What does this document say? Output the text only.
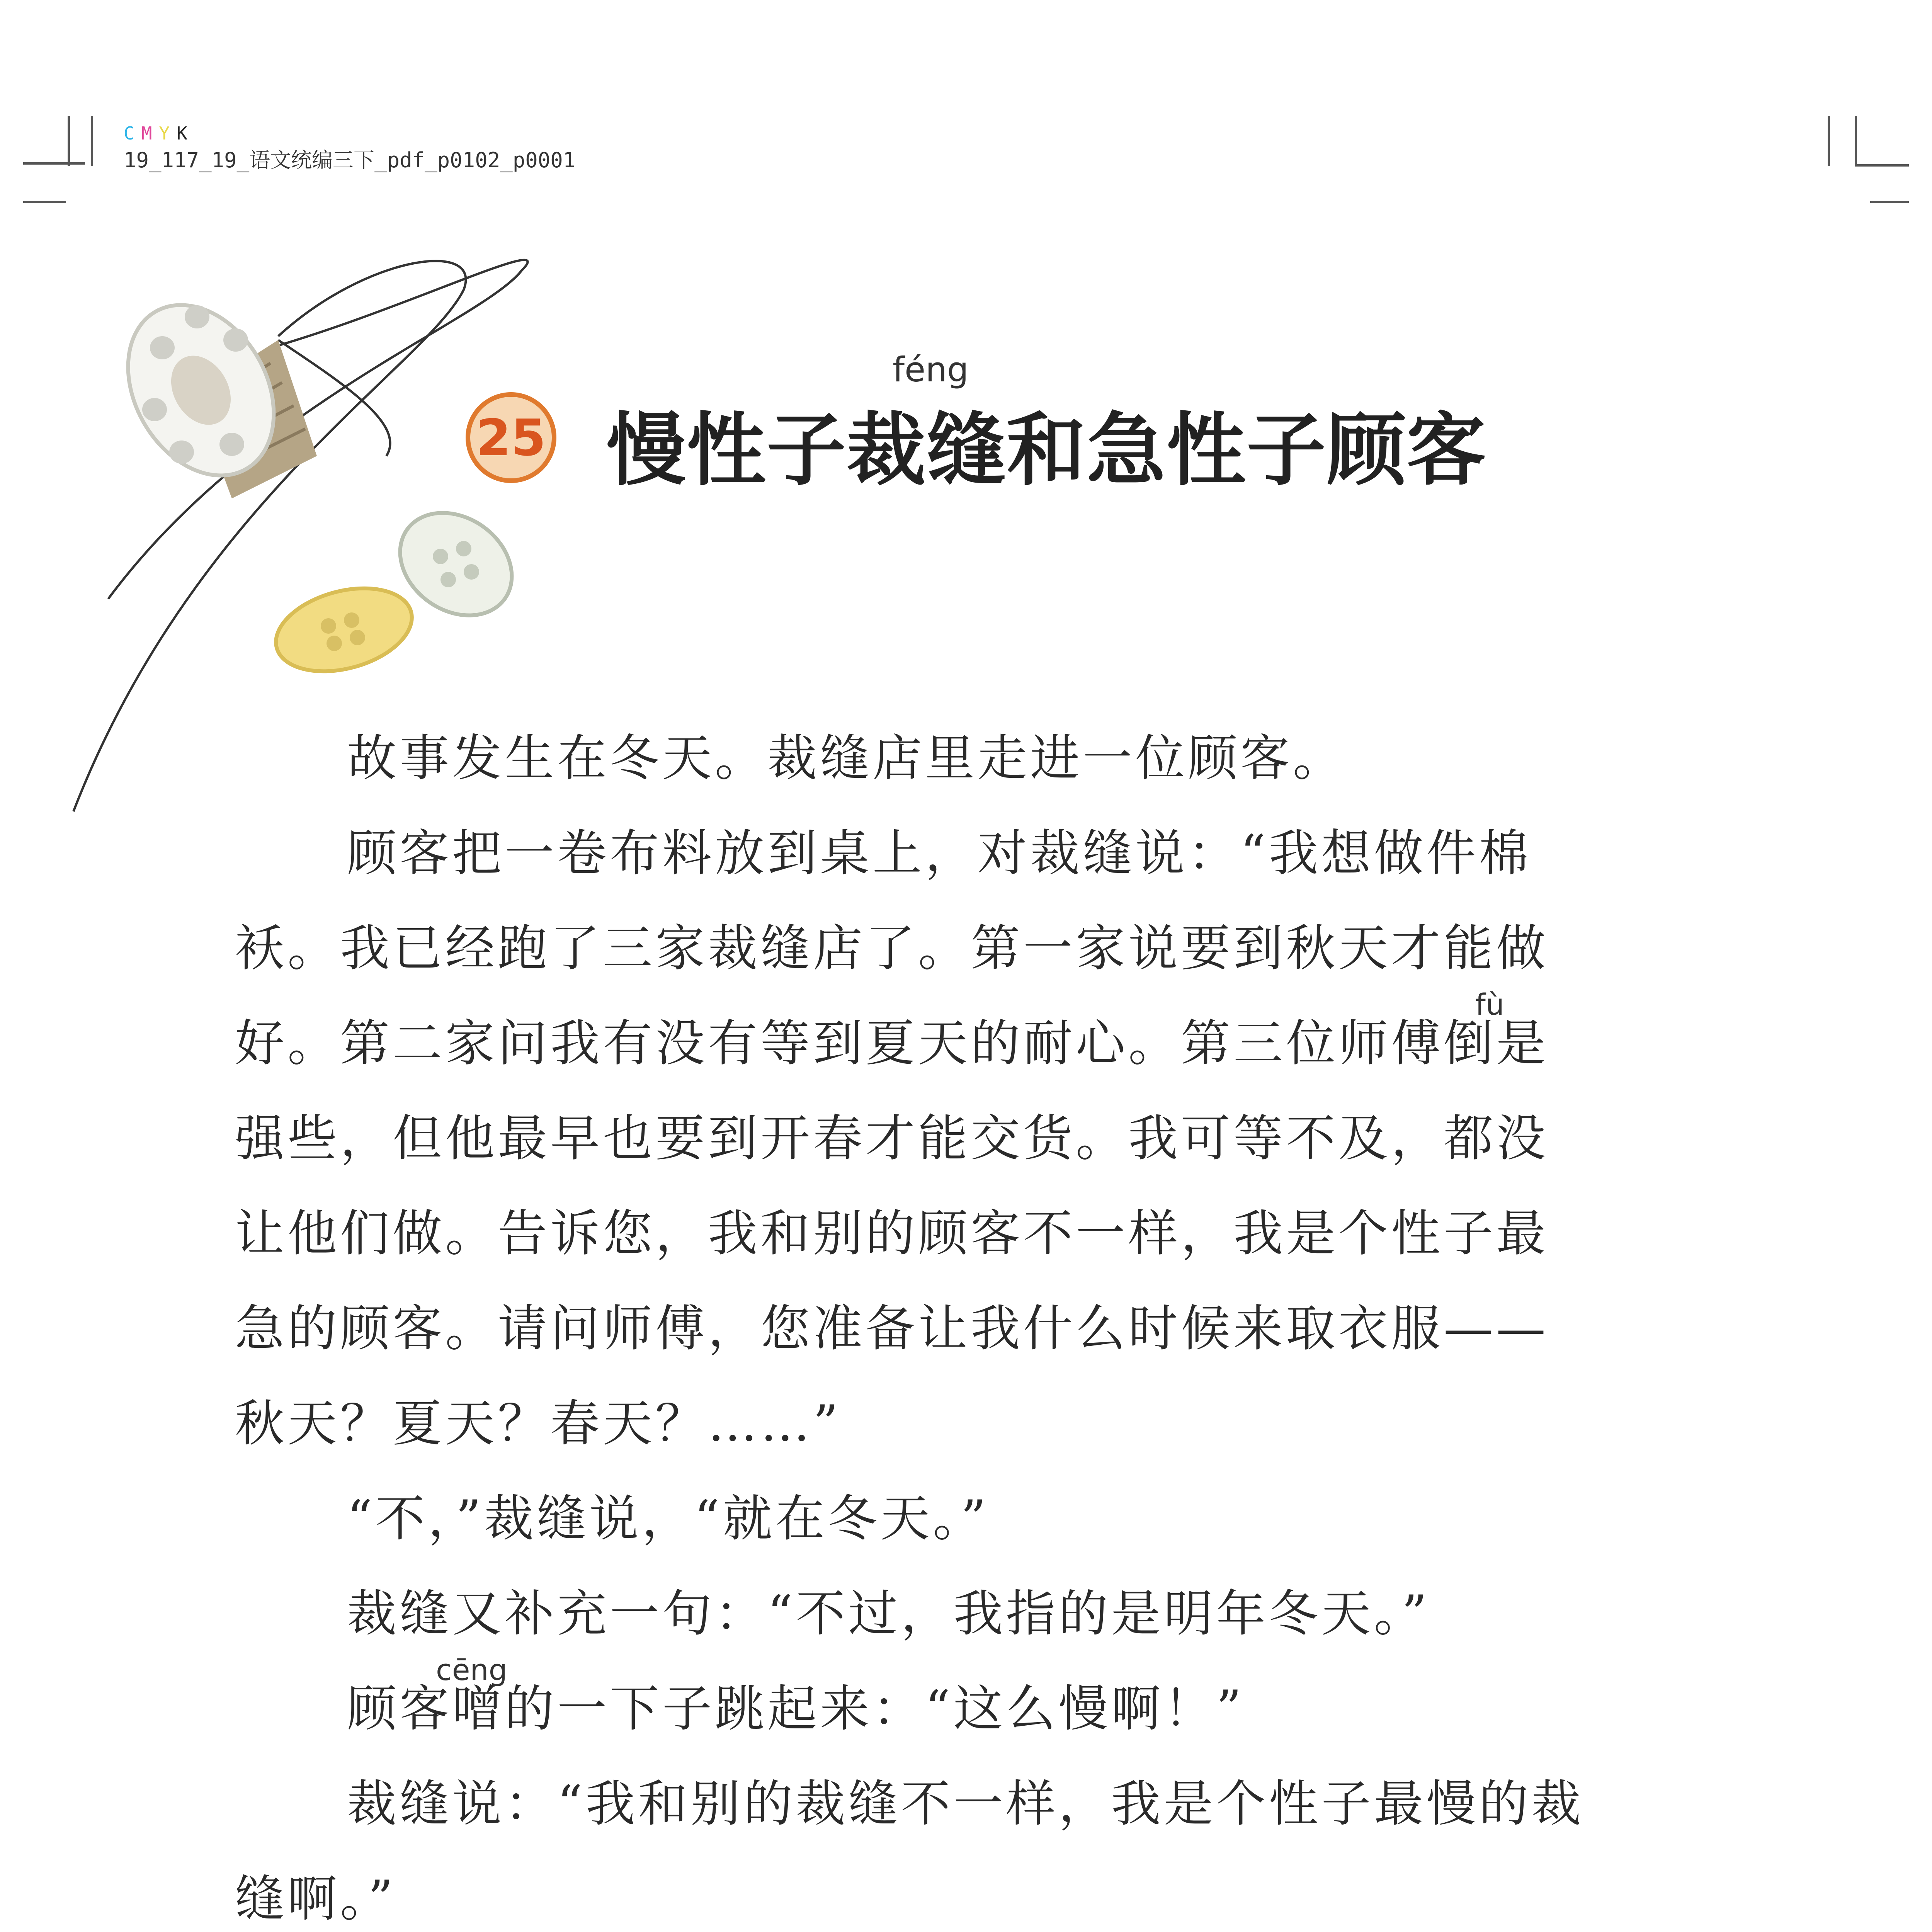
CMYK
19_117_19_语文统编三下_pdf_p0102_p0001
25
féng
慢性子裁缝和急性子顾客
故事发生在冬天。裁缝店里走进一位顾客。
顾客把一卷布料放到桌上，对裁缝说：“我想做件棉
袄。我已经跑了三家裁缝店了。第一家说要到秋天才能做
好。第二家问我有没有等到夏天的耐心。第三位师傅倒是
fù
强些，但他最早也要到开春才能交货。我可等不及，都没
让他们做。告诉您，我和别的顾客不一样，我是个性子最
急的顾客。请问师傅，您准备让我什么时候来取衣服——
秋天？夏天？春天？……”
“不，”裁缝说，“就在冬天。”
裁缝又补充一句：“不过，我指的是明年冬天。”
顾客噌的一下子跳起来：“这么慢啊！”
cēng
裁缝说：“我和别的裁缝不一样，我是个性子最慢的裁
缝啊。”
